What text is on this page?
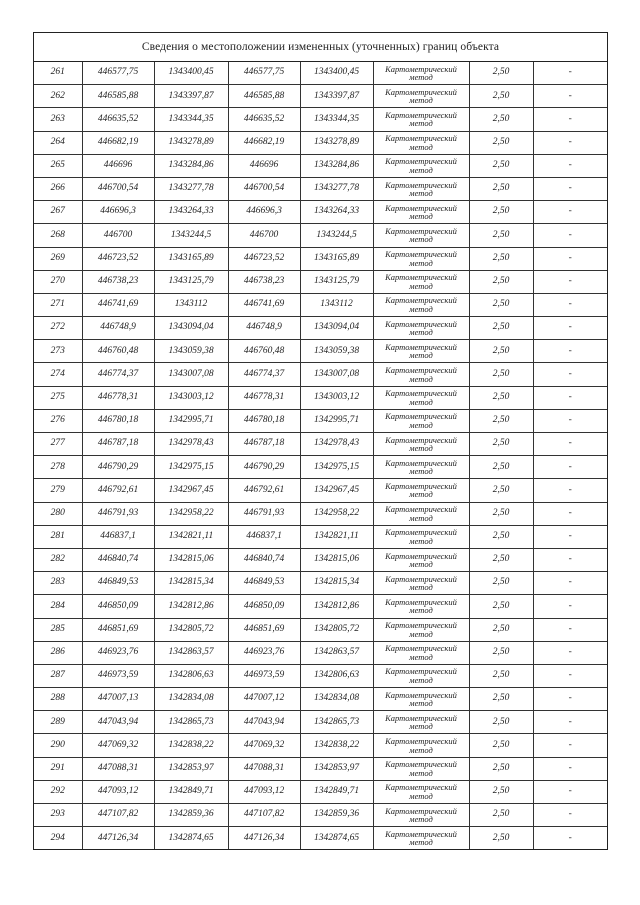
Сведения о местоположении измененных (уточненных) границ объекта
261	446577,75	1343400,45	446577,75	1343400,45	Картометрический метод	2,50	-
262	446585,88	1343397,87	446585,88	1343397,87	Картометрический метод	2,50	-
263	446635,52	1343344,35	446635,52	1343344,35	Картометрический метод	2,50	-
264	446682,19	1343278,89	446682,19	1343278,89	Картометрический метод	2,50	-
265	446696	1343284,86	446696	1343284,86	Картометрический метод	2,50	-
266	446700,54	1343277,78	446700,54	1343277,78	Картометрический метод	2,50	-
267	446696,3	1343264,33	446696,3	1343264,33	Картометрический метод	2,50	-
268	446700	1343244,5	446700	1343244,5	Картометрический метод	2,50	-
269	446723,52	1343165,89	446723,52	1343165,89	Картометрический метод	2,50	-
270	446738,23	1343125,79	446738,23	1343125,79	Картометрический метод	2,50	-
271	446741,69	1343112	446741,69	1343112	Картометрический метод	2,50	-
272	446748,9	1343094,04	446748,9	1343094,04	Картометрический метод	2,50	-
273	446760,48	1343059,38	446760,48	1343059,38	Картометрический метод	2,50	-
274	446774,37	1343007,08	446774,37	1343007,08	Картометрический метод	2,50	-
275	446778,31	1343003,12	446778,31	1343003,12	Картометрический метод	2,50	-
276	446780,18	1342995,71	446780,18	1342995,71	Картометрический метод	2,50	-
277	446787,18	1342978,43	446787,18	1342978,43	Картометрический метод	2,50	-
278	446790,29	1342975,15	446790,29	1342975,15	Картометрический метод	2,50	-
279	446792,61	1342967,45	446792,61	1342967,45	Картометрический метод	2,50	-
280	446791,93	1342958,22	446791,93	1342958,22	Картометрический метод	2,50	-
281	446837,1	1342821,11	446837,1	1342821,11	Картометрический метод	2,50	-
282	446840,74	1342815,06	446840,74	1342815,06	Картометрический метод	2,50	-
283	446849,53	1342815,34	446849,53	1342815,34	Картометрический метод	2,50	-
284	446850,09	1342812,86	446850,09	1342812,86	Картометрический метод	2,50	-
285	446851,69	1342805,72	446851,69	1342805,72	Картометрический метод	2,50	-
286	446923,76	1342863,57	446923,76	1342863,57	Картометрический метод	2,50	-
287	446973,59	1342806,63	446973,59	1342806,63	Картометрический метод	2,50	-
288	447007,13	1342834,08	447007,12	1342834,08	Картометрический метод	2,50	-
289	447043,94	1342865,73	447043,94	1342865,73	Картометрический метод	2,50	-
290	447069,32	1342838,22	447069,32	1342838,22	Картометрический метод	2,50	-
291	447088,31	1342853,97	447088,31	1342853,97	Картометрический метод	2,50	-
292	447093,12	1342849,71	447093,12	1342849,71	Картометрический метод	2,50	-
293	447107,82	1342859,36	447107,82	1342859,36	Картометрический метод	2,50	-
294	447126,34	1342874,65	447126,34	1342874,65	Картометрический метод	2,50	-
